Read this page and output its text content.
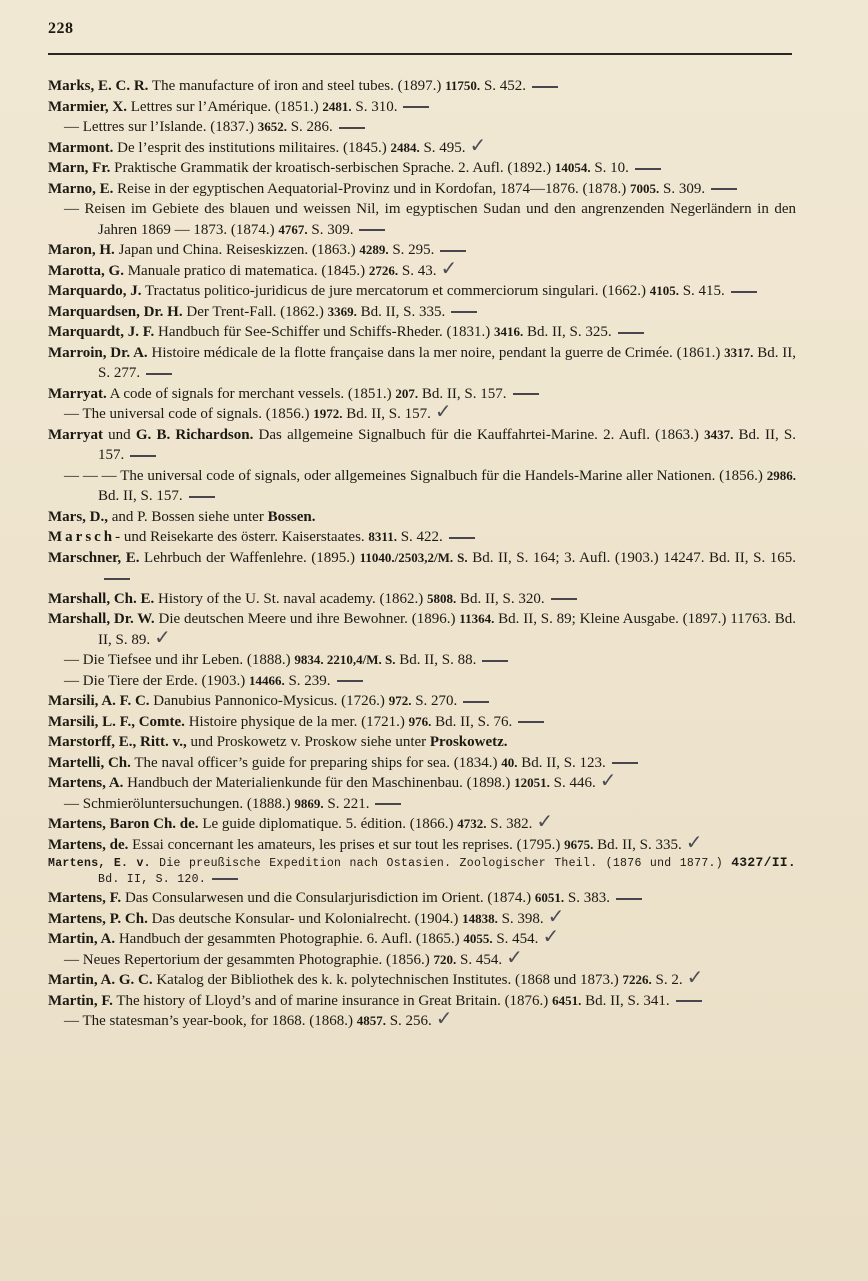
228
Marks, E. C. R. The manufacture of iron and steel tubes. (1897.) 11750. S. 452.
Marmier, X. Lettres sur l’Amérique. (1851.) 2481. S. 310.
— Lettres sur l’Islande. (1837.) 3652. S. 286.
Marmont. De l’esprit des institutions militaires. (1845.) 2484. S. 495. ✓
Marn, Fr. Praktische Grammatik der kroatisch-serbischen Sprache. 2. Aufl. (1892.) 14054. S. 10.
Marno, E. Reise in der egyptischen Aequatorial-Provinz und in Kordofan, 1874—1876. (1878.) 7005. S. 309.
— Reisen im Gebiete des blauen und weissen Nil, im egyptischen Sudan und den angrenzenden Negerländern in den Jahren 1869 — 1873. (1874.) 4767. S. 309.
Maron, H. Japan und China. Reiseskizzen. (1863.) 4289. S. 295.
Marotta, G. Manuale pratico di matematica. (1845.) 2726. S. 43. ✓
Marquardo, J. Tractatus politico-juridicus de jure mercatorum et commerciorum singulari. (1662.) 4105. S. 415.
Marquardsen, Dr. H. Der Trent-Fall. (1862.) 3369. Bd. II, S. 335.
Marquardt, J. F. Handbuch für See-Schiffer und Schiffs-Rheder. (1831.) 3416. Bd. II, S. 325.
Marroin, Dr. A. Histoire médicale de la flotte française dans la mer noire, pendant la guerre de Crimée. (1861.) 3317. Bd. II, S. 277.
Marryat. A code of signals for merchant vessels. (1851.) 207. Bd. II, S. 157.
— The universal code of signals. (1856.) 1972. Bd. II, S. 157. ✓
Marryat und G. B. Richardson. Das allgemeine Signalbuch für die Kauffahrtei-Marine. 2. Aufl. (1863.) 3437. Bd. II, S. 157.
— — — The universal code of signals, oder allgemeines Signalbuch für die Handels-Marine aller Nationen. (1856.) 2986. Bd. II, S. 157.
Mars, D., and P. Bossen siehe unter Bossen.
Marsch- und Reisekarte des österr. Kaiserstaates. 8311. S. 422.
Marschner, E. Lehrbuch der Waffenlehre. (1895.) 11040./2503,2/M. S. Bd. II, S. 164; 3. Aufl. (1903.) 14247. Bd. II, S. 165.
Marshall, Ch. E. History of the U. St. naval academy. (1862.) 5808. Bd. II, S. 320.
Marshall, Dr. W. Die deutschen Meere und ihre Bewohner. (1896.) 11364. Bd. II, S. 89; Kleine Ausgabe. (1897.) 11763. Bd. II, S. 89. ✓
— Die Tiefsee und ihr Leben. (1888.) 9834. 2210,4/M. S. Bd. II, S. 88.
— Die Tiere der Erde. (1903.) 14466. S. 239.
Marsili, A. F. C. Danubius Pannonico-Mysicus. (1726.) 972. S. 270.
Marsili, L. F., Comte. Histoire physique de la mer. (1721.) 976. Bd. II, S. 76.
Marstorff, E., Ritt. v., und Proskowetz v. Proskow siehe unter Proskowetz.
Martelli, Ch. The naval officer’s guide for preparing ships for sea. (1834.) 40. Bd. II, S. 123.
Martens, A. Handbuch der Materialienkunde für den Maschinenbau. (1898.) 12051. S. 446. ✓
— Schmieröluntersuchungen. (1888.) 9869. S. 221.
Martens, Baron Ch. de. Le guide diplomatique. 5. édition. (1866.) 4732. S. 382. ✓
Martens, de. Essai concernant les amateurs, les prises et sur tout les reprises. (1795.) 9675. Bd. II, S. 335. ✓
Martens, E. v. Die preußische Expedition nach Ostasien. Zoologischer Theil. (1876 und 1877.) 4327/II. Bd. II, S. 120.
Martens, F. Das Consularwesen und die Consularjurisdiction im Orient. (1874.) 6051. S. 383.
Martens, P. Ch. Das deutsche Konsular- und Kolonialrecht. (1904.) 14838. S. 398. ✓
Martin, A. Handbuch der gesammten Photographie. 6. Aufl. (1865.) 4055. S. 454. ✓
— Neues Repertorium der gesammten Photographie. (1856.) 720. S. 454. ✓
Martin, A. G. C. Katalog der Bibliothek des k. k. polytechnischen Institutes. (1868 und 1873.) 7226. S. 2. ✓
Martin, F. The history of Lloyd’s and of marine insurance in Great Britain. (1876.) 6451. Bd. II, S. 341.
— The statesman’s year-book, for 1868. (1868.) 4857. S. 256. ✓
